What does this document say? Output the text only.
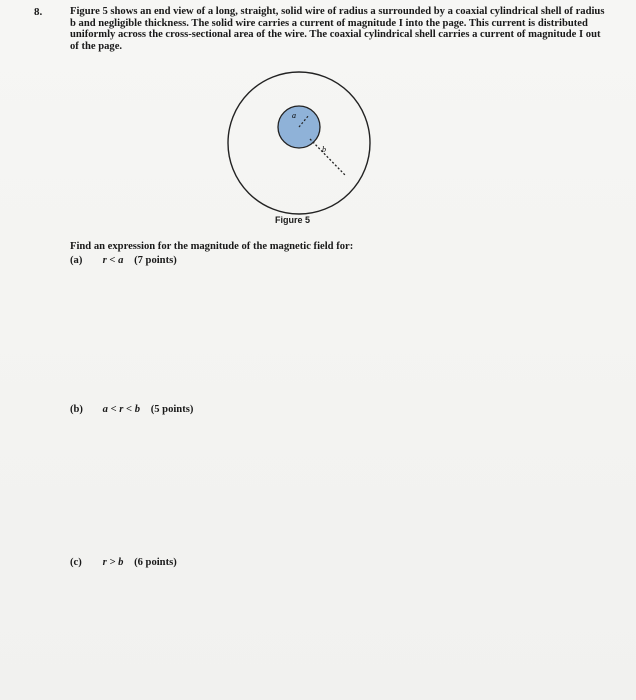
8.	Figure 5 shows an end view of a long, straight, solid wire of radius a surrounded by a coaxial cylindrical shell of radius b and negligible thickness. The solid wire carries a current of magnitude I into the page. This current is distributed uniformly across the cross-sectional area of the wire. The coaxial cylindrical shell carries a current of magnitude I out of the page.
a
b
Figure 5
Find an expression for the magnitude of the magnetic field for:
(a) r < a (7 points)
(b) a < r < b (5 points)
(c) r > b (6 points)
